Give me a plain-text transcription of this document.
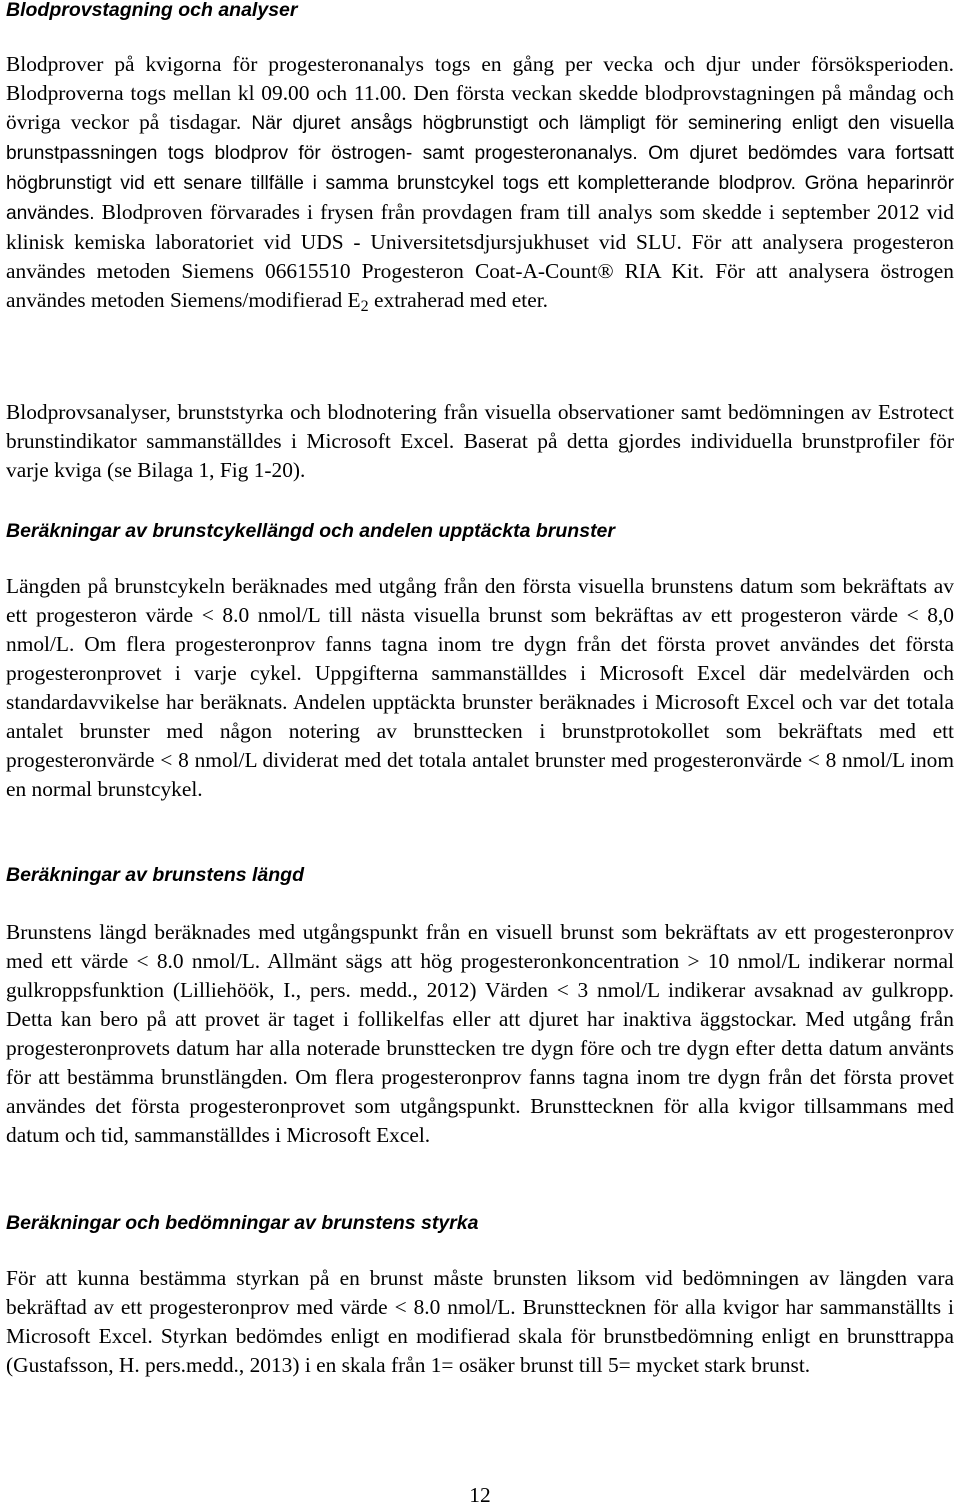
Blodprovstagning och analyser

Blodprover på kvigorna för progesteronanalys togs en gång per vecka och djur under försöksperioden. Blodproverna togs mellan kl 09.00 och 11.00. Den första veckan skedde blodprovstagningen på måndag och övriga veckor på tisdagar. När djuret ansågs högbrunstigt och lämpligt för seminering enligt den visuella brunstpassningen togs blodprov för östrogen- samt progesteronanalys. Om djuret bedömdes vara fortsatt högbrunstigt vid ett senare tillfälle i samma brunstcykel togs ett kompletterande blodprov. Gröna heparinrör användes. Blodproven förvarades i frysen från provdagen fram till analys som skedde i september 2012 vid klinisk kemiska laboratoriet vid UDS - Universitetsdjursjukhuset vid SLU. För att analysera progesteron användes metoden Siemens 06615510 Progesteron Coat-A-Count® RIA Kit. För att analysera östrogen användes metoden Siemens/modifierad $E_2$ extraherad med eter.

Blodprovsanalyser, brunststyrka och blodnotering från visuella observationer samt bedömningen av Estrotect brunstindikator sammanställdes i Microsoft Excel. Baserat på detta gjordes individuella brunstprofiler för varje kviga (se Bilaga 1, Fig 1-20).

Beräkningar av brunstcykellängd och andelen upptäckta brunster

Längden på brunstcykeln beräknades med utgång från den första visuella brunstens datum som bekräftats av ett progesteron värde < 8.0 nmol/L till nästa visuella brunst som bekräftas av ett progesteron värde < 8,0 nmol/L. Om flera progesteronprov fanns tagna inom tre dygn från det första provet användes det första progesteronprovet i varje cykel. Uppgifterna sammanställdes i Microsoft Excel där medelvärden och standardavvikelse har beräknats. Andelen upptäckta brunster beräknades i Microsoft Excel och var det totala antalet brunster med någon notering av brunsttecken i brunstprotokollet som bekräftats med ett progesteronvärde < 8 nmol/L dividerat med det totala antalet brunster med progesteronvärde < 8 nmol/L inom en normal brunstcykel.

Beräkningar av brunstens längd

Brunstens längd beräknades med utgångspunkt från en visuell brunst som bekräftats av ett progesteronprov med ett värde < 8.0 nmol/L. Allmänt sägs att hög progesteronkoncentration > 10 nmol/L indikerar normal gulkroppsfunktion (Lilliehöök, I., pers. medd., 2012) Värden < 3 nmol/L indikerar avsaknad av gulkropp. Detta kan bero på att provet är taget i follikelfas eller att djuret har inaktiva äggstockar. Med utgång från progesteronprovets datum har alla noterade brunsttecken tre dygn före och tre dygn efter detta datum använts för att bestämma brunstlängden. Om flera progesteronprov fanns tagna inom tre dygn från det första provet användes det första progesteronprovet som utgångspunkt. Brunsttecknen för alla kvigor tillsammans med datum och tid, sammanställdes i Microsoft Excel.

Beräkningar och bedömningar av brunstens styrka

För att kunna bestämma styrkan på en brunst måste brunsten liksom vid bedömningen av längden vara bekräftad av ett progesteronprov med värde < 8.0 nmol/L. Brunsttecknen för alla kvigor har sammanställts i Microsoft Excel. Styrkan bedömdes enligt en modifierad skala för brunstbedömning enligt en brunsttrappa (Gustafsson, H. pers.medd., 2013) i en skala från 1= osäker brunst till 5= mycket stark brunst.

12
